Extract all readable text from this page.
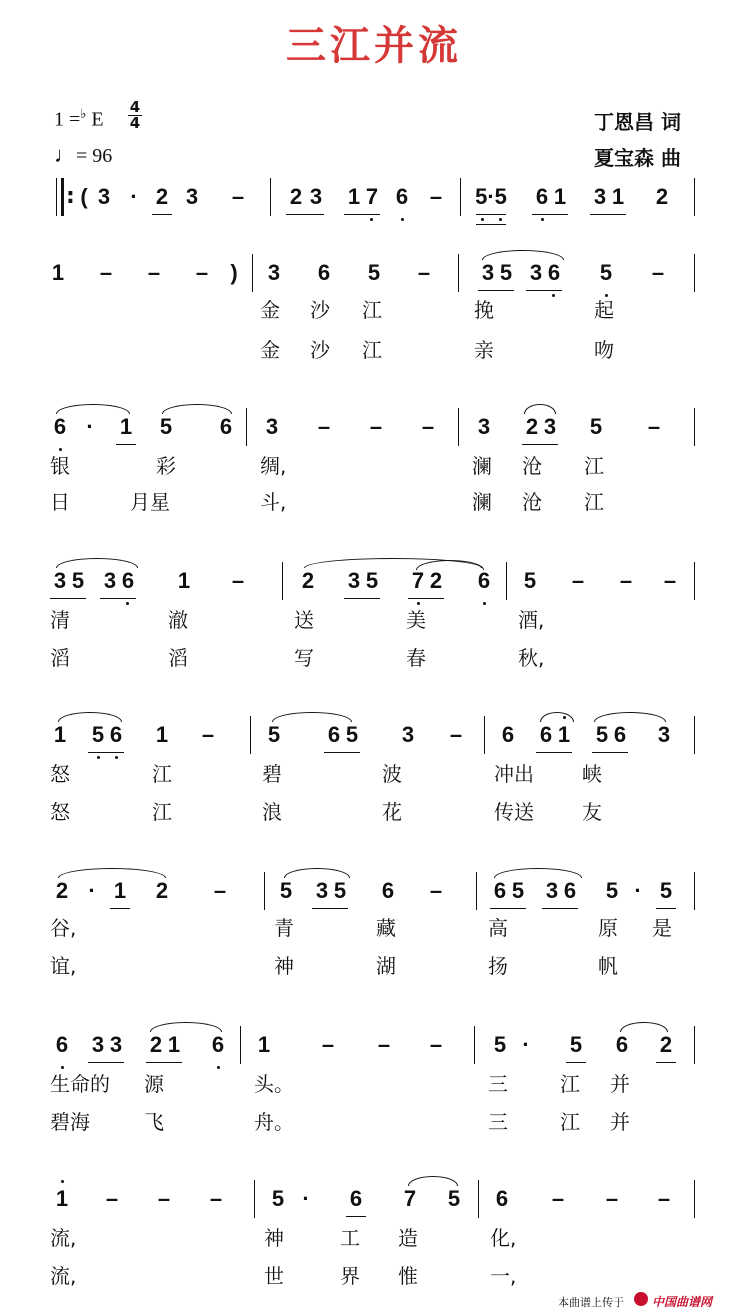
三江并流
1 =♭ E
4
4
♩= 96
丁恩昌 词
夏宝森 曲
: ( 3 · 2 3 – 2 3 1 7 6 – 5·5 6 1 3 1 2
1 – – –	)	3 6 5 – 3 5 3 6 5 –
金 沙 江	挽	起
金 沙 江	亲	吻
6 ·	1 5 6 3 – – – 3 2 3 5 –
银	彩	绸,	澜 沧 江
日	月星	斗,	澜 沧 江
3 5 3 6 1 –	2 3 5 7 2 6 5 – – –
清	澈	送	美	酒,
滔	滔	写	春	秋,
1 5 6 1 – 5 6 5 3 – 6 6 1 5 6 3
怒	江	碧	波	冲出 峡
怒	江	浪	花	传送 友
2 · 1 2 – 5 3 5 6 – 6 5 3 6 5 · 5
谷,	青	藏	高	原 是
谊,	神	湖	扬	帆
6 3 3 2 1 6 1 – – – 5 ·	5 6 2
生命的 源	头。	三	江 并
碧海	飞	舟。	三	江 并
1 – – – 5 ·	6 7 5 6 – – –
流,	神	工 造	化,
流,	世	界 惟	一,
本曲谱上传于 中国曲谱网
